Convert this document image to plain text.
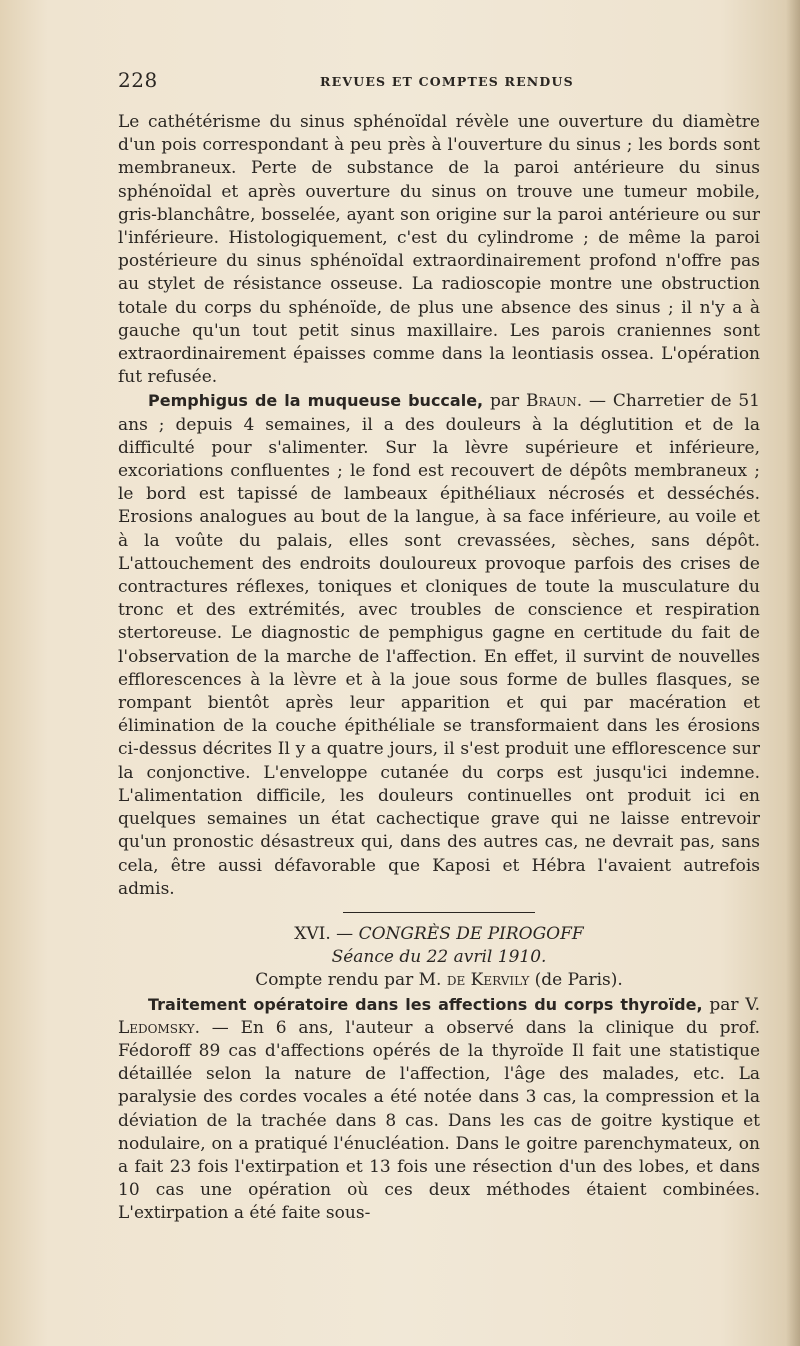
228	REVUES ET COMPTES RENDUS

Le cathétérisme du sinus sphénoïdal révèle une ouverture du diamètre d'un pois correspondant à peu près à l'ouverture du sinus ; les bords sont membraneux. Perte de substance de la paroi antérieure du sinus sphénoïdal et après ouverture du sinus on trouve une tumeur mobile, gris-blanchâtre, bosselée, ayant son origine sur la paroi antérieure ou sur l'inférieure. Histologiquement, c'est du cylindrome ; de même la paroi postérieure du sinus sphénoïdal extraordinairement profond n'offre pas au stylet de résistance osseuse. La radioscopie montre une obstruction totale du corps du sphénoïde, de plus une absence des sinus ; il n'y a à gauche qu'un tout petit sinus maxillaire. Les parois craniennes sont extraordinairement épaisses comme dans la leontiasis ossea. L'opération fut refusée.

Pemphigus de la muqueuse buccale, par Braun. — Charretier de 51 ans ; depuis 4 semaines, il a des douleurs à la déglutition et de la difficulté pour s'alimenter. Sur la lèvre supérieure et inférieure, excoriations confluentes ; le fond est recouvert de dépôts membraneux ; le bord est tapissé de lambeaux épithéliaux nécrosés et desséchés. Erosions analogues au bout de la langue, à sa face inférieure, au voile et à la voûte du palais, elles sont crevassées, sèches, sans dépôt. L'attouchement des endroits douloureux provoque parfois des crises de contractures réflexes, toniques et cloniques de toute la musculature du tronc et des extrémités, avec troubles de conscience et respiration stertoreuse. Le diagnostic de pemphigus gagne en certitude du fait de l'observation de la marche de l'affection. En effet, il survint de nouvelles efflorescences à la lèvre et à la joue sous forme de bulles flasques, se rompant bientôt après leur apparition et qui par macération et élimination de la couche épithéliale se transformaient dans les érosions ci-dessus décrites Il y a quatre jours, il s'est produit une efflorescence sur la conjonctive. L'enveloppe cutanée du corps est jusqu'ici indemne. L'alimentation difficile, les douleurs continuelles ont produit ici en quelques semaines un état cachectique grave qui ne laisse entrevoir qu'un pronostic désastreux qui, dans des autres cas, ne devrait pas, sans cela, être aussi défavorable que Kaposi et Hébra l'avaient autrefois admis.

XVI. — CONGRÈS DE PIROGOFF

Séance du 22 avril 1910.

Compte rendu par M. de Kervily (de Paris).

Traitement opératoire dans les affections du corps thyroïde, par V. Ledomsky. — En 6 ans, l'auteur a observé dans la clinique du prof. Fédoroff 89 cas d'affections opérés de la thyroïde Il fait une statistique détaillée selon la nature de l'affection, l'âge des malades, etc. La paralysie des cordes vocales a été notée dans 3 cas, la compression et la déviation de la trachée dans 8 cas. Dans les cas de goitre kystique et nodulaire, on a pratiqué l'énucléation. Dans le goitre parenchymateux, on a fait 23 fois l'extirpation et 13 fois une résection d'un des lobes, et dans 10 cas une opération où ces deux méthodes étaient combinées. L'extirpation a été faite sous-
